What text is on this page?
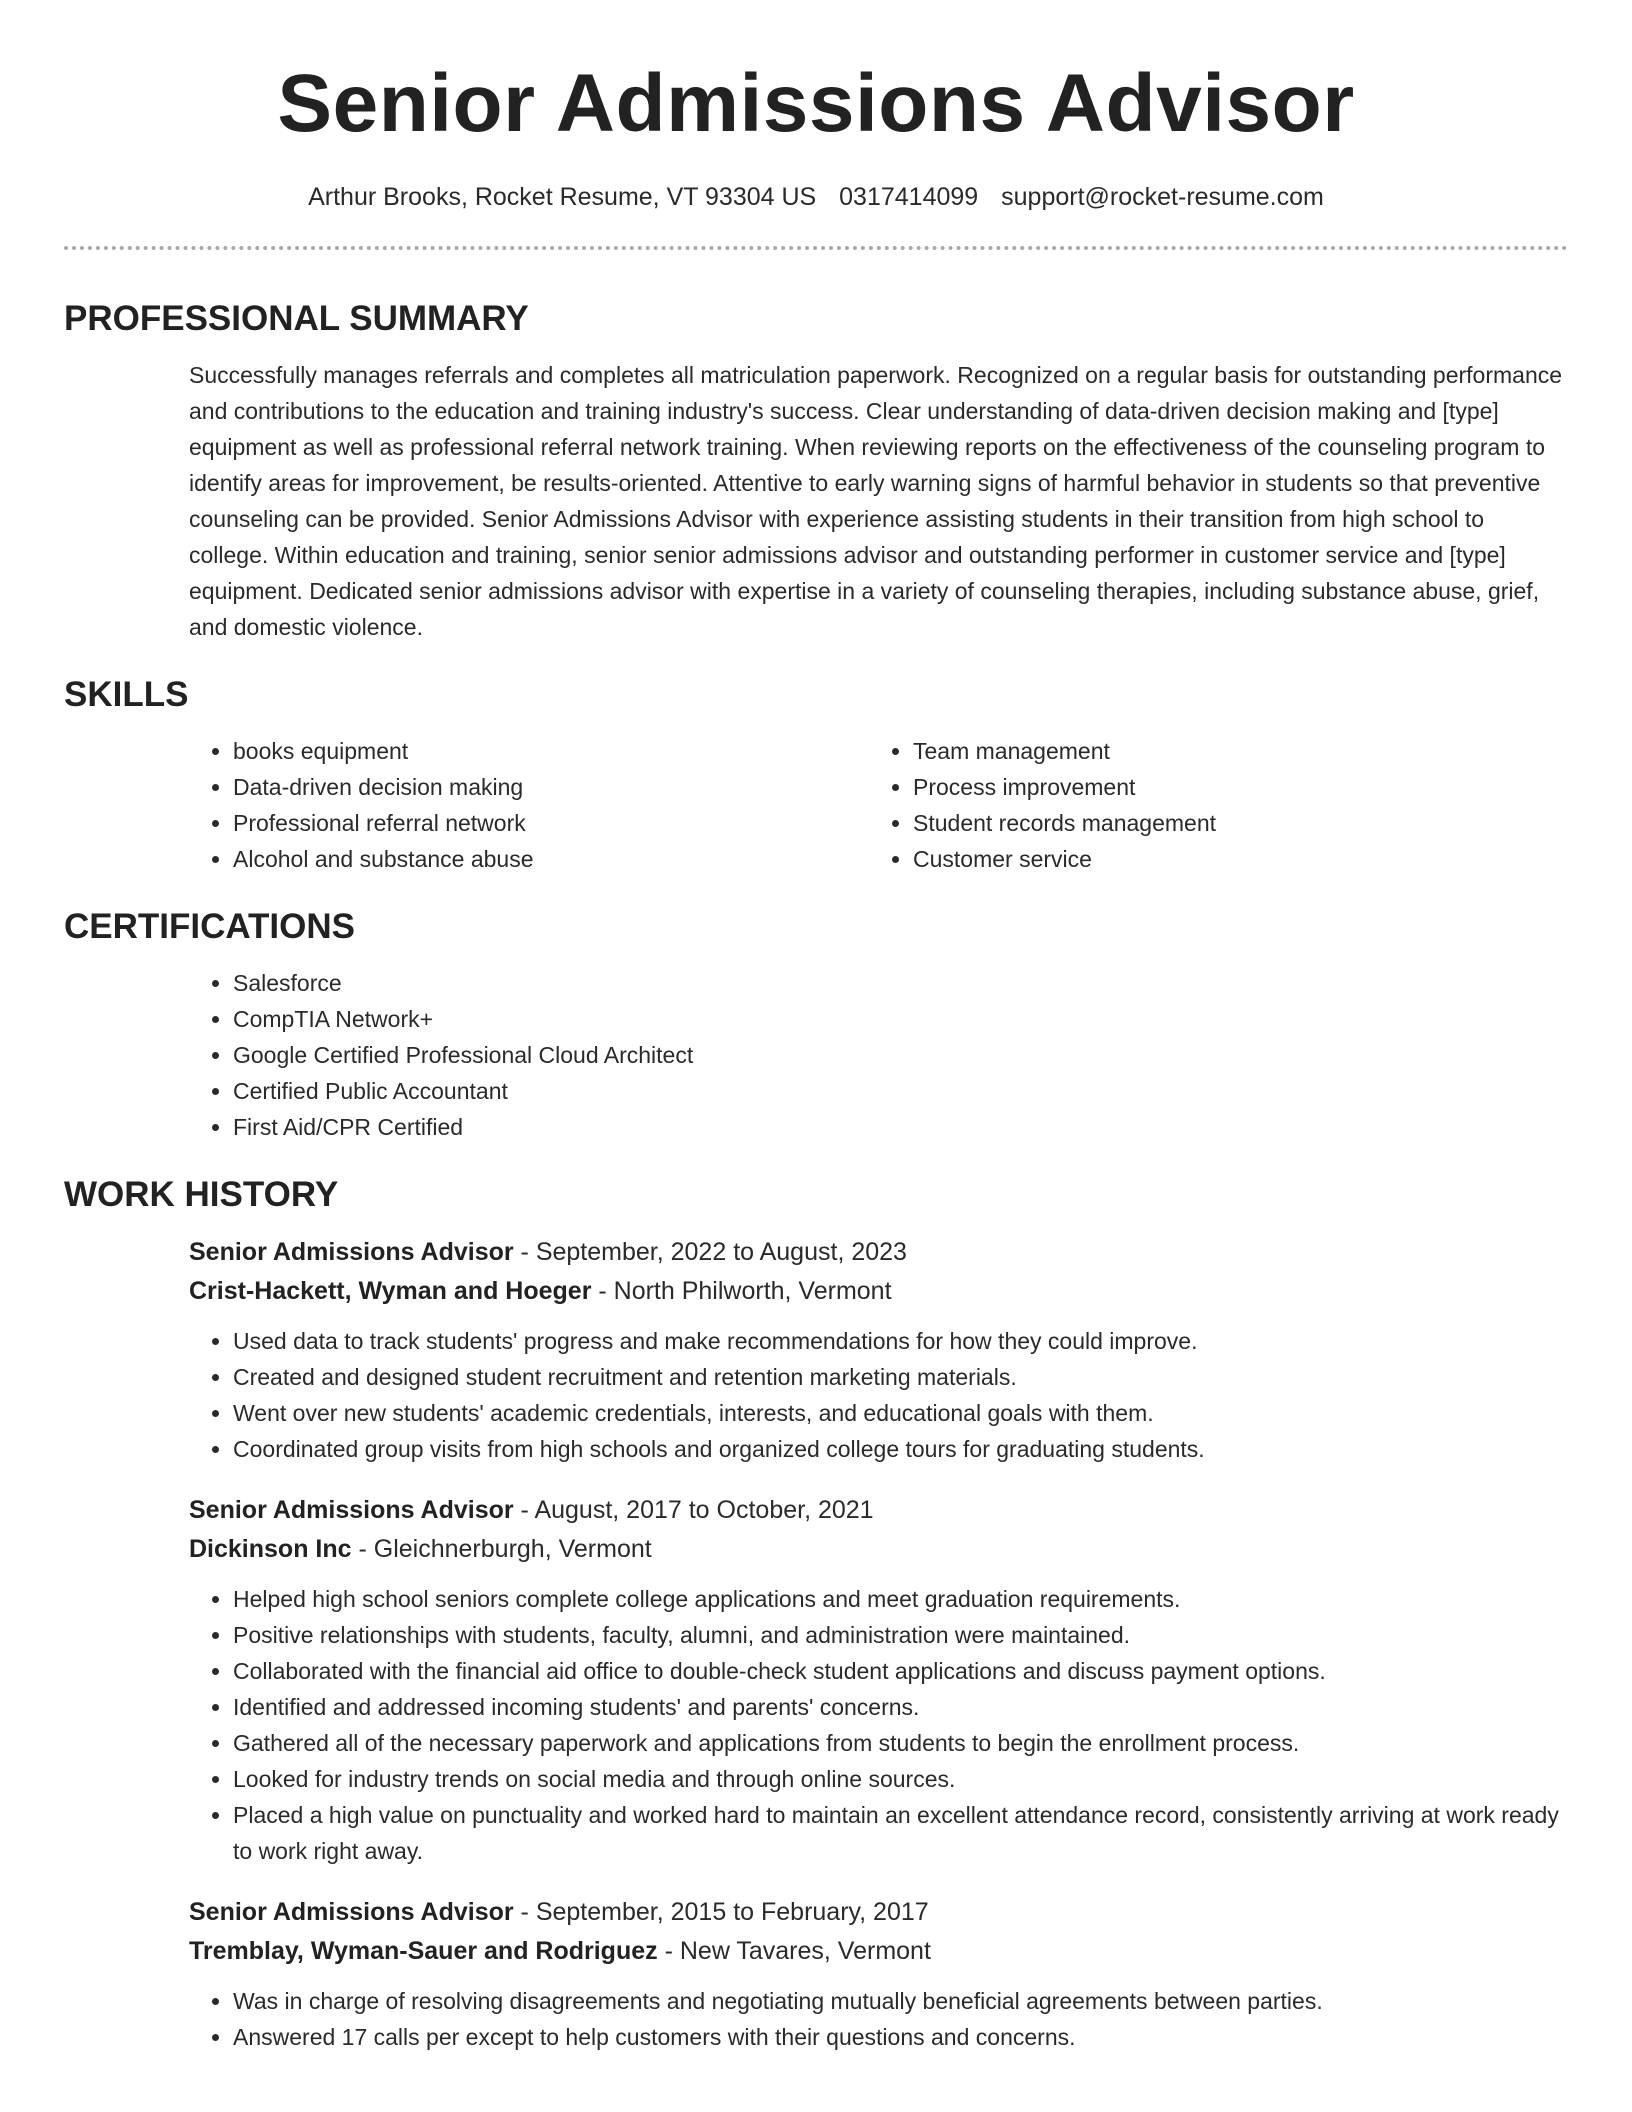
Senior Admissions Advisor
Arthur Brooks, Rocket Resume, VT 93304 US 0317414099 support@rocket-resume.com
PROFESSIONAL SUMMARY

Successfully manages referrals and completes all matriculation paperwork. Recognized on a regular basis for outstanding performance and contributions to the education and training industry's success. Clear understanding of data-driven decision making and [type] equipment as well as professional referral network training. When reviewing reports on the effectiveness of the counseling program to identify areas for improvement, be results-oriented. Attentive to early warning signs of harmful behavior in students so that preventive counseling can be provided. Senior Admissions Advisor with experience assisting students in their transition from high school to college. Within education and training, senior senior admissions advisor and outstanding performer in customer service and [type] equipment. Dedicated senior admissions advisor with expertise in a variety of counseling therapies, including substance abuse, grief, and domestic violence.

SKILLS
• books equipment
• Data-driven decision making
• Professional referral network
• Alcohol and substance abuse
• Team management
• Process improvement
• Student records management
• Customer service
CERTIFICATIONS
• Salesforce
• CompTIA Network+
• Google Certified Professional Cloud Architect
• Certified Public Accountant
• First Aid/CPR Certified
WORK HISTORY
Senior Admissions Advisor - September, 2022 to August, 2023
Crist-Hackett, Wyman and Hoeger - North Philworth, Vermont
• Used data to track students' progress and make recommendations for how they could improve.
• Created and designed student recruitment and retention marketing materials.
• Went over new students' academic credentials, interests, and educational goals with them.
• Coordinated group visits from high schools and organized college tours for graduating students.
Senior Admissions Advisor - August, 2017 to October, 2021
Dickinson Inc - Gleichnerburgh, Vermont
• Helped high school seniors complete college applications and meet graduation requirements.
• Positive relationships with students, faculty, alumni, and administration were maintained.
• Collaborated with the financial aid office to double-check student applications and discuss payment options.
• Identified and addressed incoming students' and parents' concerns.
• Gathered all of the necessary paperwork and applications from students to begin the enrollment process.
• Looked for industry trends on social media and through online sources.
• Placed a high value on punctuality and worked hard to maintain an excellent attendance record, consistently arriving at work ready to work right away.
Senior Admissions Advisor - September, 2015 to February, 2017
Tremblay, Wyman-Sauer and Rodriguez - New Tavares, Vermont
• Was in charge of resolving disagreements and negotiating mutually beneficial agreements between parties.
• Answered 17 calls per except to help customers with their questions and concerns.
